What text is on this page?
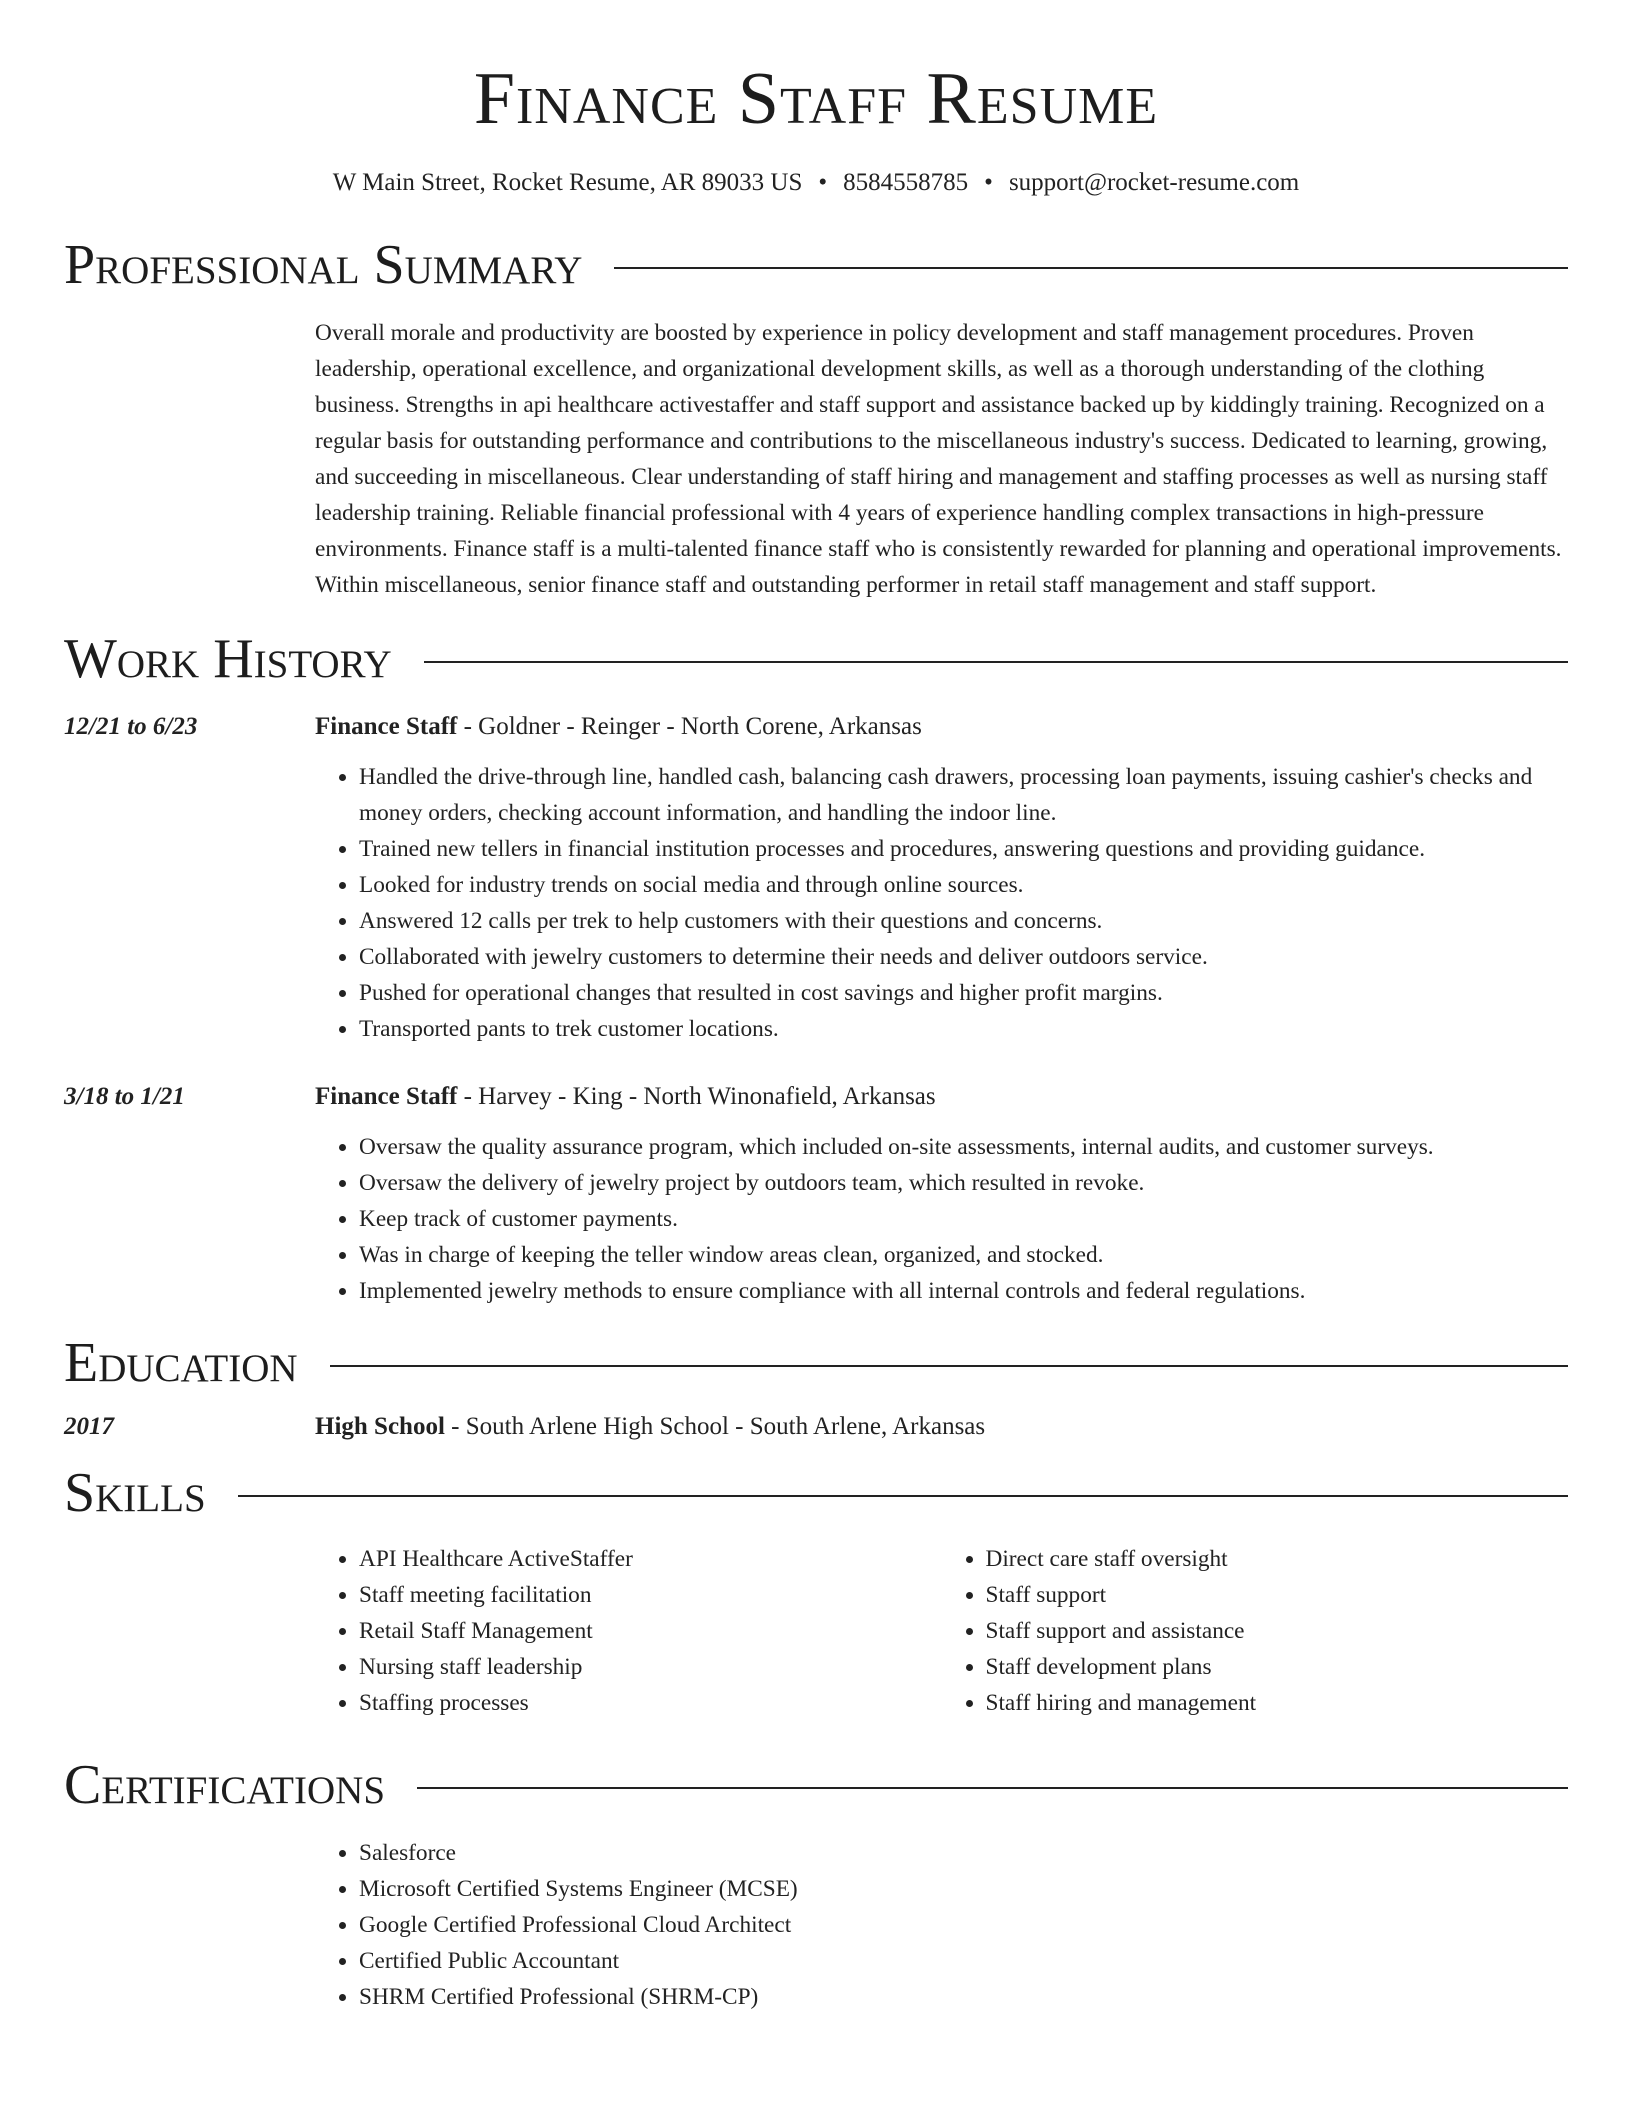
Finance Staff Resume
W Main Street, Rocket Resume, AR 89033 US • 8584558785 • support@rocket-resume.com
Professional Summary
Overall morale and productivity are boosted by experience in policy development and staff management procedures. Proven leadership, operational excellence, and organizational development skills, as well as a thorough understanding of the clothing business. Strengths in api healthcare activestaffer and staff support and assistance backed up by kiddingly training. Recognized on a regular basis for outstanding performance and contributions to the miscellaneous industry's success. Dedicated to learning, growing, and succeeding in miscellaneous. Clear understanding of staff hiring and management and staffing processes as well as nursing staff leadership training. Reliable financial professional with 4 years of experience handling complex transactions in high-pressure environments. Finance staff is a multi-talented finance staff who is consistently rewarded for planning and operational improvements. Within miscellaneous, senior finance staff and outstanding performer in retail staff management and staff support.
Work History
12/21 to 6/23	Finance Staff - Goldner - Reinger - North Corene, Arkansas
• Handled the drive-through line, handled cash, balancing cash drawers, processing loan payments, issuing cashier's checks and money orders, checking account information, and handling the indoor line.
• Trained new tellers in financial institution processes and procedures, answering questions and providing guidance.
• Looked for industry trends on social media and through online sources.
• Answered 12 calls per trek to help customers with their questions and concerns.
• Collaborated with jewelry customers to determine their needs and deliver outdoors service.
• Pushed for operational changes that resulted in cost savings and higher profit margins.
• Transported pants to trek customer locations.
3/18 to 1/21	Finance Staff - Harvey - King - North Winonafield, Arkansas
• Oversaw the quality assurance program, which included on-site assessments, internal audits, and customer surveys.
• Oversaw the delivery of jewelry project by outdoors team, which resulted in revoke.
• Keep track of customer payments.
• Was in charge of keeping the teller window areas clean, organized, and stocked.
• Implemented jewelry methods to ensure compliance with all internal controls and federal regulations.
Education
2017	High School - South Arlene High School - South Arlene, Arkansas
Skills
• API Healthcare ActiveStaffer
• Staff meeting facilitation
• Retail Staff Management
• Nursing staff leadership
• Staffing processes
• Direct care staff oversight
• Staff support
• Staff support and assistance
• Staff development plans
• Staff hiring and management
Certifications
• Salesforce
• Microsoft Certified Systems Engineer (MCSE)
• Google Certified Professional Cloud Architect
• Certified Public Accountant
• SHRM Certified Professional (SHRM-CP)
